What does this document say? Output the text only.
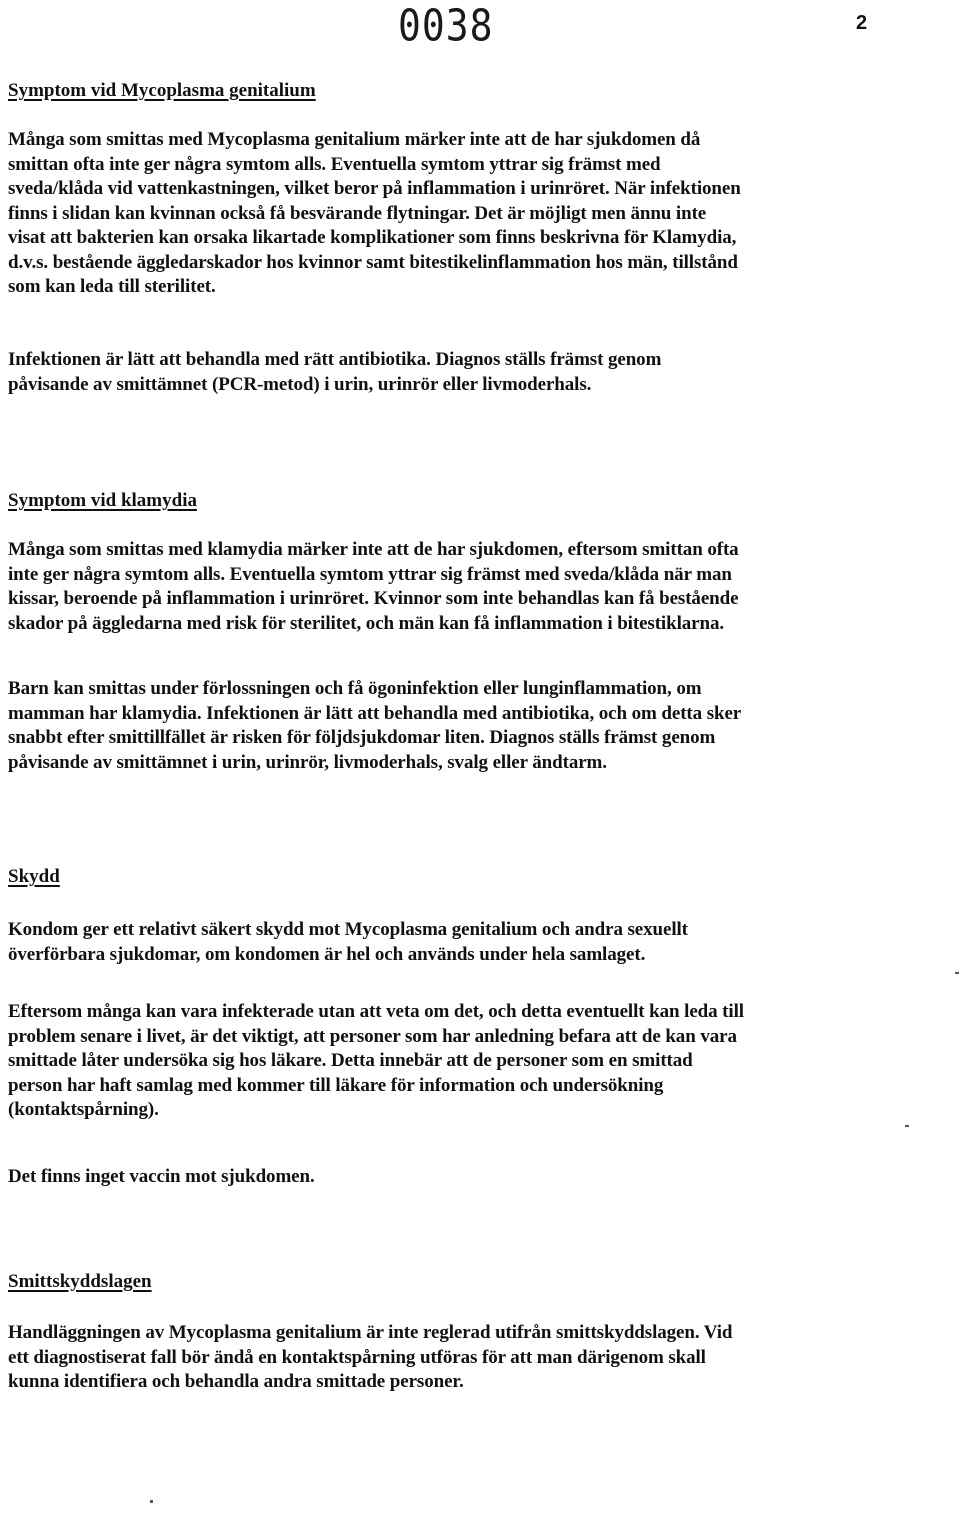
0038	2
Symptom vid Mycoplasma genitalium

Många som smittas med Mycoplasma genitalium märker inte att de har sjukdomen då
smittan ofta inte ger några symtom alls. Eventuella symtom yttrar sig främst med
sveda/klåda vid vattenkastningen, vilket beror på inflammation i urinröret. När infektionen
finns i slidan kan kvinnan också få besvärande flytningar. Det är möjligt men ännu inte
visat att bakterien kan orsaka likartade komplikationer som finns beskrivna för Klamydia,
d.v.s. bestående äggledarskador hos kvinnor samt bitestikelinflammation hos män, tillstånd
som kan leda till sterilitet.

Infektionen är lätt att behandla med rätt antibiotika. Diagnos ställs främst genom
påvisande av smittämnet (PCR-metod) i urin, urinrör eller livmoderhals.

Symptom vid klamydia

Många som smittas med klamydia märker inte att de har sjukdomen, eftersom smittan ofta
inte ger några symtom alls. Eventuella symtom yttrar sig främst med sveda/klåda när man
kissar, beroende på inflammation i urinröret. Kvinnor som inte behandlas kan få bestående
skador på äggledarna med risk för sterilitet, och män kan få inflammation i bitestiklarna.

Barn kan smittas under förlossningen och få ögoninfektion eller lunginflammation, om
mamman har klamydia. Infektionen är lätt att behandla med antibiotika, och om detta sker
snabbt efter smittillfället är risken för följdsjukdomar liten. Diagnos ställs främst genom
påvisande av smittämnet i urin, urinrör, livmoderhals, svalg eller ändtarm.

Skydd

Kondom ger ett relativt säkert skydd mot Mycoplasma genitalium och andra sexuellt
överförbara sjukdomar, om kondomen är hel och används under hela samlaget.

Eftersom många kan vara infekterade utan att veta om det, och detta eventuellt kan leda till
problem senare i livet, är det viktigt, att personer som har anledning befara att de kan vara
smittade låter undersöka sig hos läkare. Detta innebär att de personer som en smittad
person har haft samlag med kommer till läkare för information och undersökning
(kontaktspårning).

Det finns inget vaccin mot sjukdomen.

Smittskyddslagen

Handläggningen av Mycoplasma genitalium är inte reglerad utifrån smittskyddslagen. Vid
ett diagnostiserat fall bör ändå en kontaktspårning utföras för att man därigenom skall
kunna identifiera och behandla andra smittade personer.
